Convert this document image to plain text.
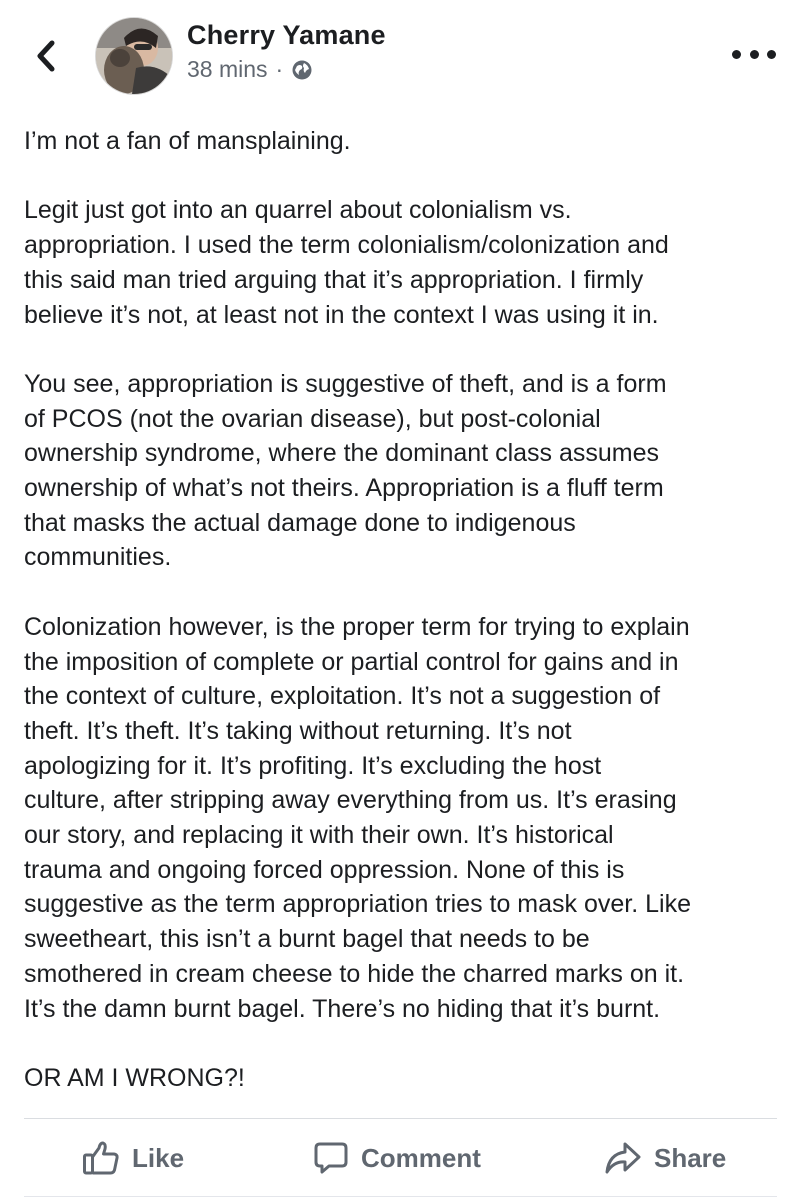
Cherry Yamane
38 mins ·

I’m not a fan of mansplaining.

Legit just got into an quarrel about colonialism vs.
appropriation. I used the term colonialism/colonization and
this said man tried arguing that it’s appropriation. I firmly
believe it’s not, at least not in the context I was using it in.

You see, appropriation is suggestive of theft, and is a form
of PCOS (not the ovarian disease), but post-colonial
ownership syndrome, where the dominant class assumes
ownership of what’s not theirs. Appropriation is a fluff term
that masks the actual damage done to indigenous
communities.

Colonization however, is the proper term for trying to explain
the imposition of complete or partial control for gains and in
the context of culture, exploitation. It’s not a suggestion of
theft. It’s theft. It’s taking without returning. It’s not
apologizing for it. It’s profiting. It’s excluding the host
culture, after stripping away everything from us. It’s erasing
our story, and replacing it with their own. It’s historical
trauma and ongoing forced oppression. None of this is
suggestive as the term appropriation tries to mask over. Like
sweetheart, this isn’t a burnt bagel that needs to be
smothered in cream cheese to hide the charred marks on it.
It’s the damn burnt bagel. There’s no hiding that it’s burnt.

OR AM I WRONG?!

Like	Comment	Share
